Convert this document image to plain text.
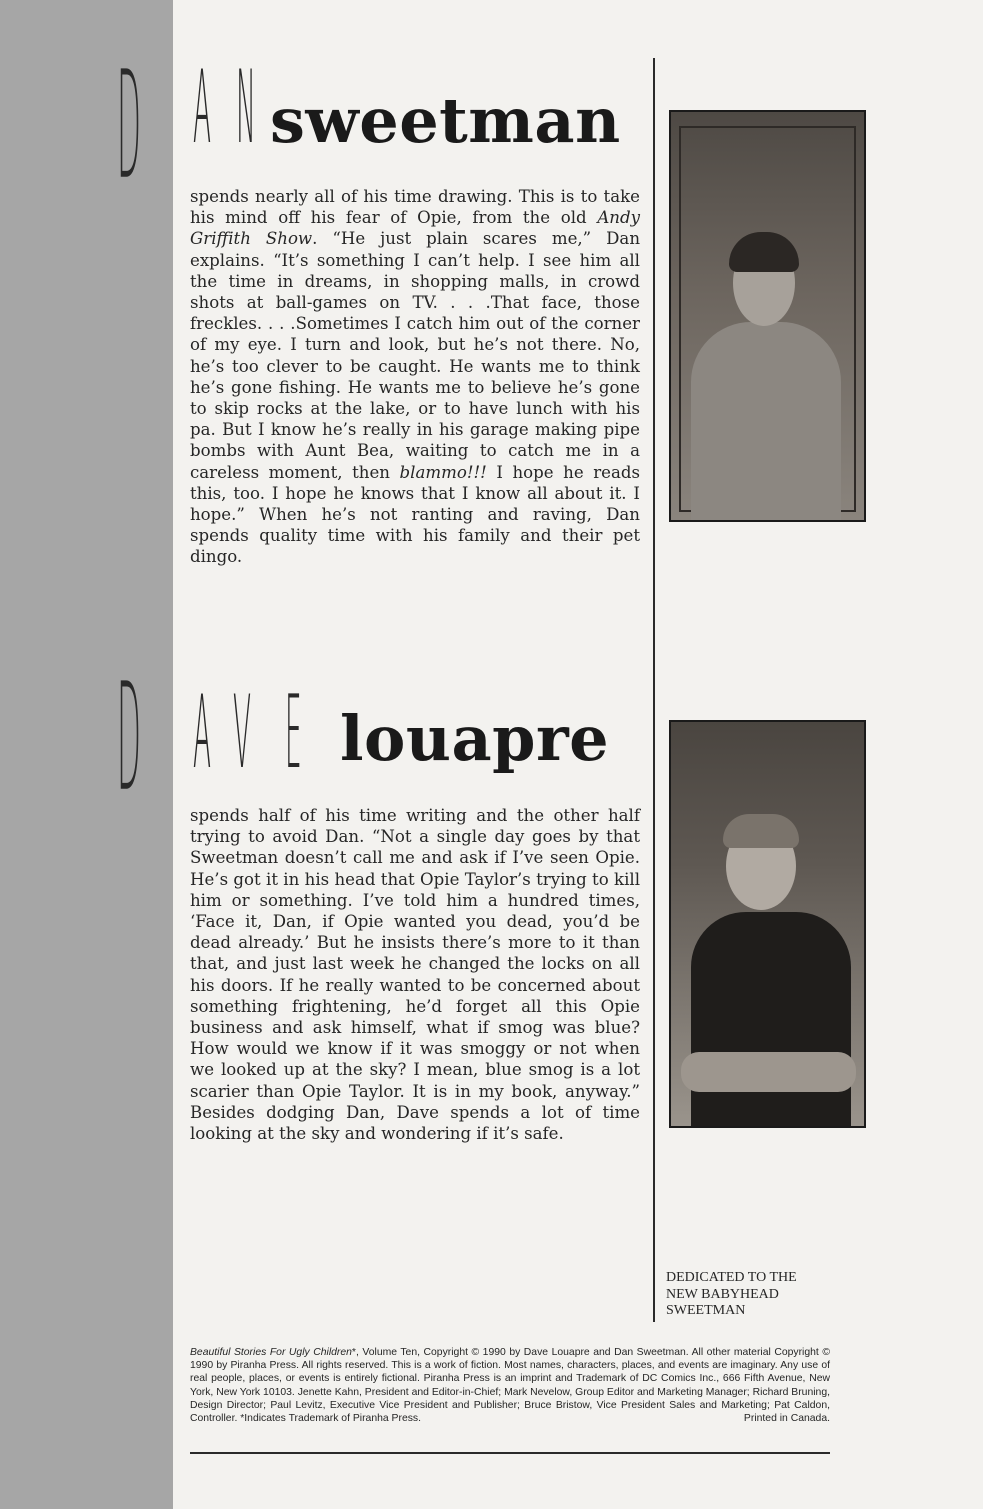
D A N sweetman

spends nearly all of his time drawing. This is to take his mind off his fear of Opie, from the old Andy Griffith Show. “He just plain scares me,” Dan explains. “It’s something I can’t help. I see him all the time in dreams, in shopping malls, in crowd shots at ball-games on TV. . . .That face, those freckles. . . .Sometimes I catch him out of the corner of my eye. I turn and look, but he’s not there. No, he’s too clever to be caught. He wants me to think he’s gone fishing. He wants me to believe he’s gone to skip rocks at the lake, or to have lunch with his pa. But I know he’s really in his garage making pipe bombs with Aunt Bea, waiting to catch me in a careless moment, then blammo!!! I hope he reads this, too. I hope he knows that I know all about it. I hope.” When he’s not ranting and raving, Dan spends quality time with his family and their pet dingo.

D A V E louapre

spends half of his time writing and the other half trying to avoid Dan. “Not a single day goes by that Sweetman doesn’t call me and ask if I’ve seen Opie. He’s got it in his head that Opie Taylor’s trying to kill him or something. I’ve told him a hundred times, ‘Face it, Dan, if Opie wanted you dead, you’d be dead already.’ But he insists there’s more to it than that, and just last week he changed the locks on all his doors. If he really wanted to be concerned about something frightening, he’d forget all this Opie business and ask himself, what if smog was blue? How would we know if it was smoggy or not when we looked up at the sky? I mean, blue smog is a lot scarier than Opie Taylor. It is in my book, anyway.” Besides dodging Dan, Dave spends a lot of time looking at the sky and wondering if it’s safe.

DEDICATED TO THE
NEW BABYHEAD
SWEETMAN

Beautiful Stories For Ugly Children*, Volume Ten, Copyright © 1990 by Dave Louapre and Dan Sweetman. All other material Copyright © 1990 by Piranha Press. All rights reserved. This is a work of fiction. Most names, characters, places, and events are imaginary. Any use of real people, places, or events is entirely fictional. Piranha Press is an imprint and Trademark of DC Comics Inc., 666 Fifth Avenue, New York, New York 10103. Jenette Kahn, President and Editor-in-Chief; Mark Nevelow, Group Editor and Marketing Manager; Richard Bruning, Design Director; Paul Levitz, Executive Vice President and Publisher; Bruce Bristow, Vice President Sales and Marketing; Pat Caldon, Controller. *Indicates Trademark of Piranha Press.	Printed in Canada.
